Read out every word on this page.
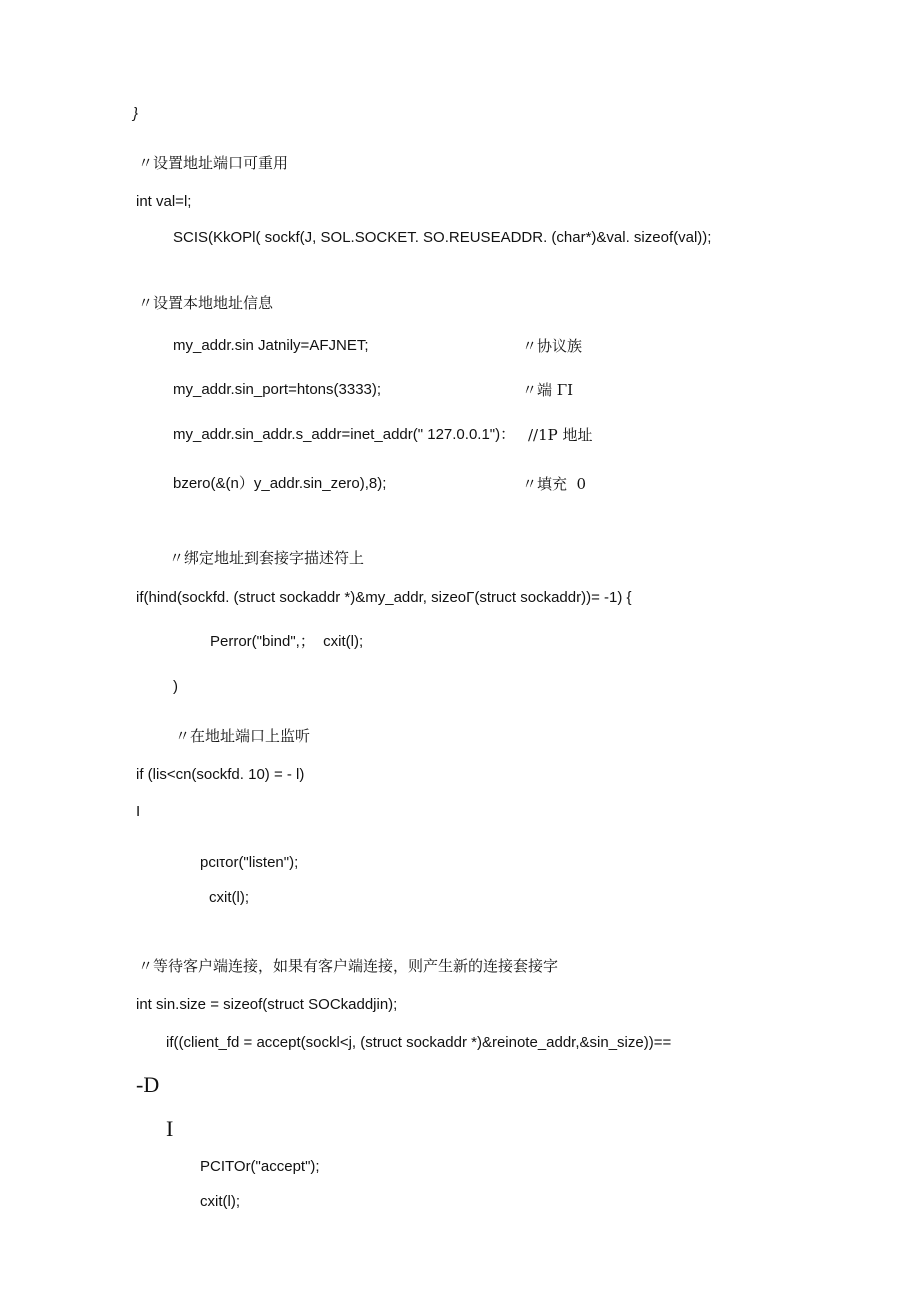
}

〃设置地址端口可重用

int val=l;

SCIS(KkOPl( sockf(J, SOL.SOCKET. SO.REUSEADDR. (char*)&val. sizeof(val));

〃设置本地地址信息

my_addr.sin Jatnily=AFJNET;	〃协议族

my_addr.sin_port=htons(3333);	〃端 ΓΙ

my_addr.sin_addr.s_addr=inet_addr(" 127.0.0.1")： //1P 地址

bzero(&(n）y_addr.sin_zero),8);	〃填充  0

〃绑定地址到套接字描述符上

if(hind(sockfd. (struct sockaddr *)&my_addr, sizeoΓ(struct sockaddr))= -1) {

Perror("bind",；  cxit(l);

)

〃在地址端口上监听

if (lis<cn(sockfd. 10) = - l)

I

pcιτor("listen");

cxit(l);

〃等待客户端连接，如果有客户端连接，则产生新的连接套接字

int sin.size = sizeof(struct SOCkaddjin);

if((client_fd = accept(sockl<j, (struct sockaddr *)&reinote_addr,&sin_size))==

-D

I

PCITOr("accept");

cxit(l);
